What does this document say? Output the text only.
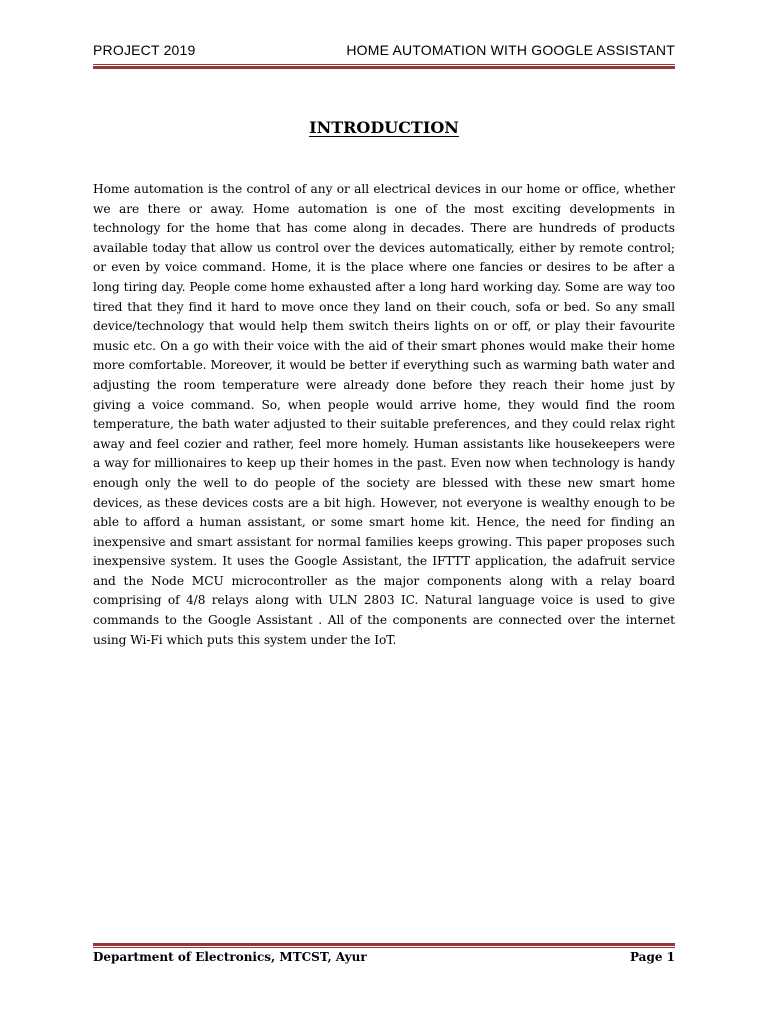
PROJECT 2019	HOME AUTOMATION WITH GOOGLE ASSISTANT
INTRODUCTION
Home automation is the control of any or all electrical devices in our home or office, whether we are there or away. Home automation is one of the most exciting developments in technology for the home that has come along in decades. There are hundreds of products available today that allow us control over the devices automatically, either by remote control; or even by voice command. Home, it is the place where one fancies or desires to be after a long tiring day. People come home exhausted after a long hard working day. Some are way too tired that they find it hard to move once they land on their couch, sofa or bed. So any small device/technology that would help them switch theirs lights on or off, or play their favourite music etc. On a go with their voice with the aid of their smart phones would make their home more comfortable. Moreover, it would be better if everything such as warming bath water and adjusting the room temperature were already done before they reach their home just by giving a voice command. So, when people would arrive home, they would find the room temperature, the bath water adjusted to their suitable preferences, and they could relax right away and feel cozier and rather, feel more homely. Human assistants like housekeepers were a way for millionaires to keep up their homes in the past. Even now when technology is handy enough only the well to do people of the society are blessed with these new smart home devices, as these devices costs are a bit high. However, not everyone is wealthy enough to be able to afford a human assistant, or some smart home kit. Hence, the need for finding an inexpensive and smart assistant for normal families keeps growing. This paper proposes such inexpensive system. It uses the Google Assistant, the IFTTT application, the adafruit service and the Node MCU microcontroller as the major components along with a relay board comprising of 4/8 relays along with ULN 2803 IC. Natural language voice is used to give commands to the Google Assistant . All of the components are connected over the internet using Wi-Fi which puts this system under the IoT.
Department of Electronics, MTCST, Ayur	Page 1
